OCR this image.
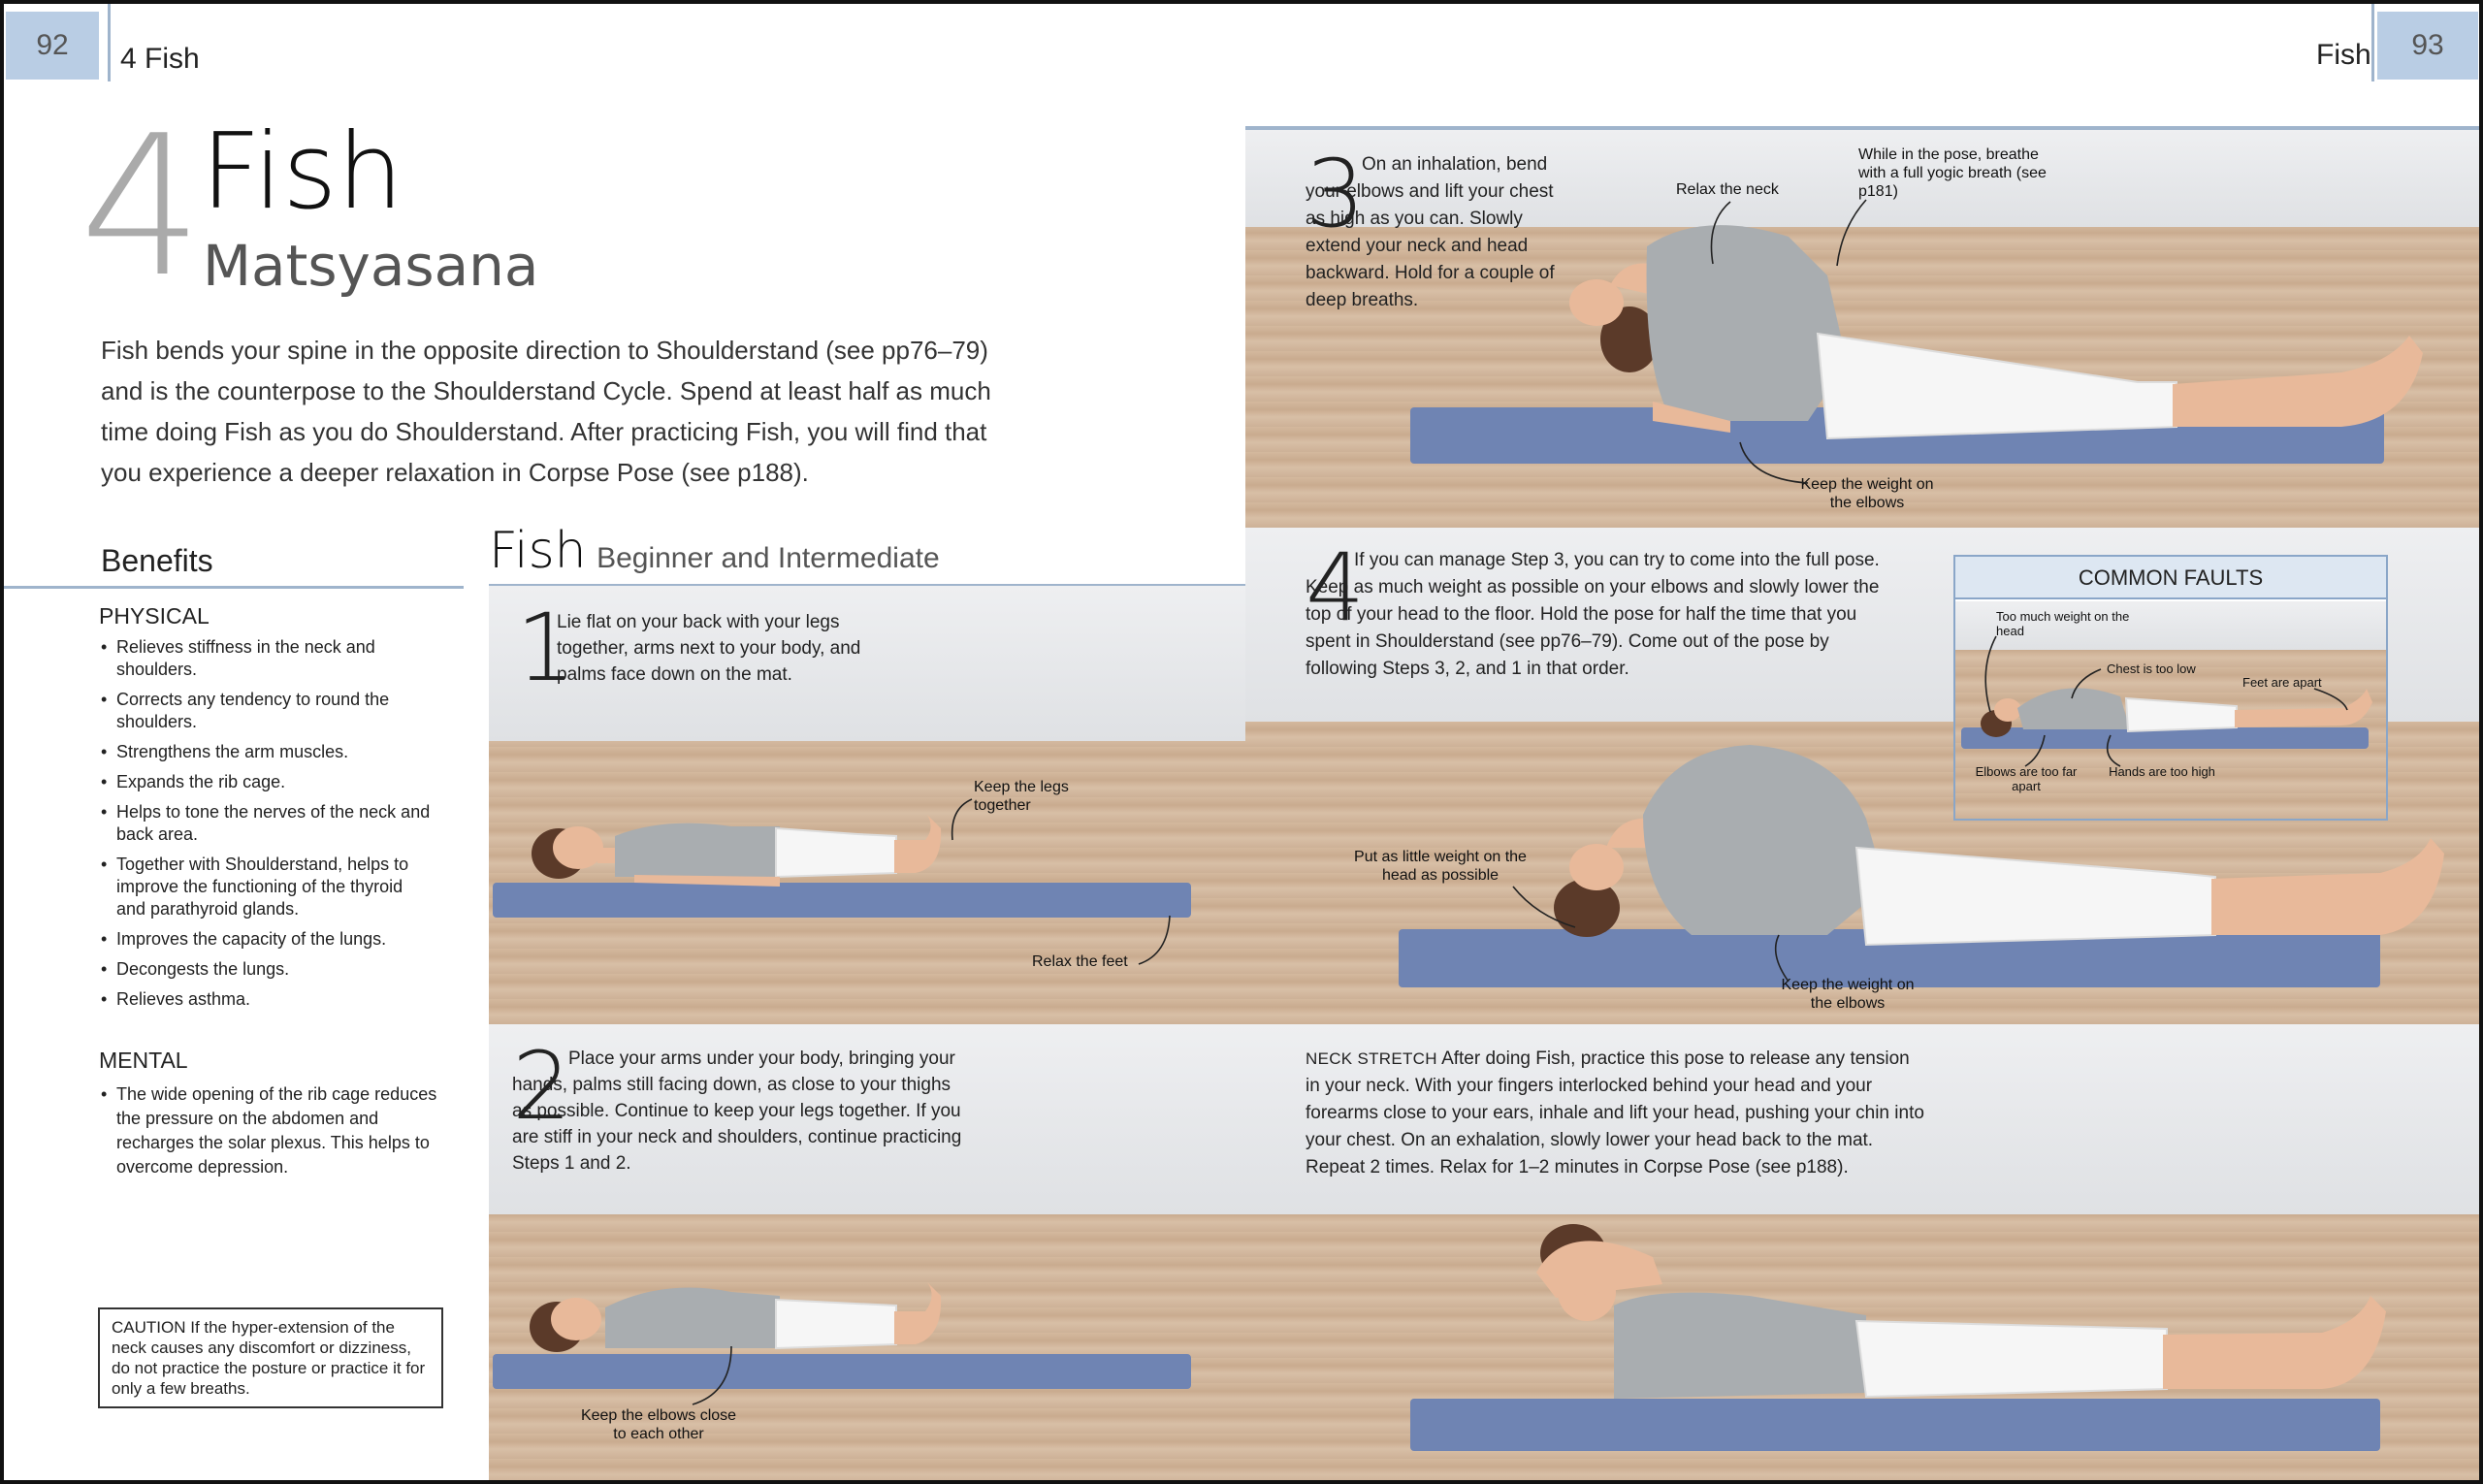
92	4 Fish	Fish	93
4
Fish
Matsyasana
Fish bends your spine in the opposite direction to Shoulderstand (see pp76–79) and is the counterpose to the Shoulderstand Cycle. Spend at least half as much time doing Fish as you do Shoulderstand. After practicing Fish, you will find that you experience a deeper relaxation in Corpse Pose (see p188).
Benefits
PHYSICAL
• Relieves stiffness in the neck and shoulders.
• Corrects any tendency to round the shoulders.
• Strengthens the arm muscles.
• Expands the rib cage.
• Helps to tone the nerves of the neck and back area.
• Together with Shoulderstand, helps to improve the functioning of the thyroid and parathyroid glands.
• Improves the capacity of the lungs.
• Decongests the lungs.
• Relieves asthma.
MENTAL
• The wide opening of the rib cage reduces the pressure on the abdomen and recharges the solar plexus. This helps to overcome depression.
CAUTION If the hyper-extension of the neck causes any discomfort or dizziness, do not practice the posture or practice it for only a few breaths.
Fish Beginner and Intermediate
1
Lie flat on your back with your legs together, arms next to your body, and palms face down on the mat.
Keep the legs together
Relax the feet
2
Place your arms under your body, bringing your hands, palms still facing down, as close to your thighs as possible. Continue to keep your legs together. If you are stiff in your neck and shoulders, continue practicing Steps 1 and 2.
Keep the elbows close to each other
3
On an inhalation, bend your elbows and lift your chest as high as you can. Slowly extend your neck and head backward. Hold for a couple of deep breaths.
Relax the neck
While in the pose, breathe with a full yogic breath (see p181)
Keep the weight on the elbows
4
If you can manage Step 3, you can try to come into the full pose. Keep as much weight as possible on your elbows and slowly lower the top of your head to the floor. Hold the pose for half the time that you spent in Shoulderstand (see pp76–79). Come out of the pose by following Steps 3, 2, and 1 in that order.
Put as little weight on the head as possible
Keep the weight on the elbows
COMMON FAULTS
Too much weight on the head
Chest is too low
Feet are apart
Elbows are too far apart
Hands are too high
NECK STRETCH After doing Fish, practice this pose to release any tension in your neck. With your fingers interlocked behind your head and your forearms close to your ears, inhale and lift your head, pushing your chin into your chest. On an exhalation, slowly lower your head back to the mat. Repeat 2 times. Relax for 1–2 minutes in Corpse Pose (see p188).
